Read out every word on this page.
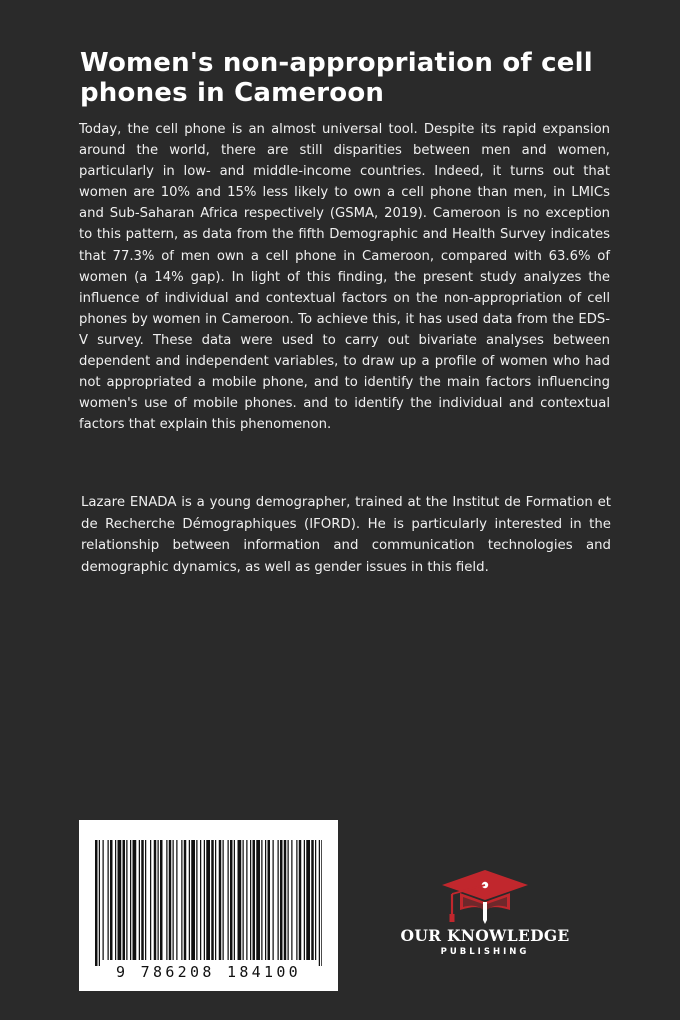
Women's non-appropriation of cell phones in Cameroon

Today, the cell phone is an almost universal tool. Despite its rapid expansion around the world, there are still disparities between men and women, particularly in low- and middle-income countries. Indeed, it turns out that women are 10% and 15% less likely to own a cell phone than men, in LMICs and Sub-Saharan Africa respectively (GSMA, 2019). Cameroon is no exception to this pattern, as data from the fifth Demographic and Health Survey indicates that 77.3% of men own a cell phone in Cameroon, compared with 63.6% of women (a 14% gap). In light of this finding, the present study analyzes the influence of individual and contextual factors on the non-appropriation of cell phones by women in Cameroon. To achieve this, it has used data from the EDS-V survey. These data were used to carry out bivariate analyses between dependent and independent variables, to draw up a profile of women who had not appropriated a mobile phone, and to identify the main factors influencing women's use of mobile phones. and to identify the individual and contextual factors that explain this phenomenon.

Lazare ENADA is a young demographer, trained at the Institut de Formation et de Recherche Démographiques (IFORD). He is particularly interested in the relationship between information and communication technologies and demographic dynamics, as well as gender issues in this field.

9 786208 184100
OUR KNOWLEDGE
PUBLISHING
